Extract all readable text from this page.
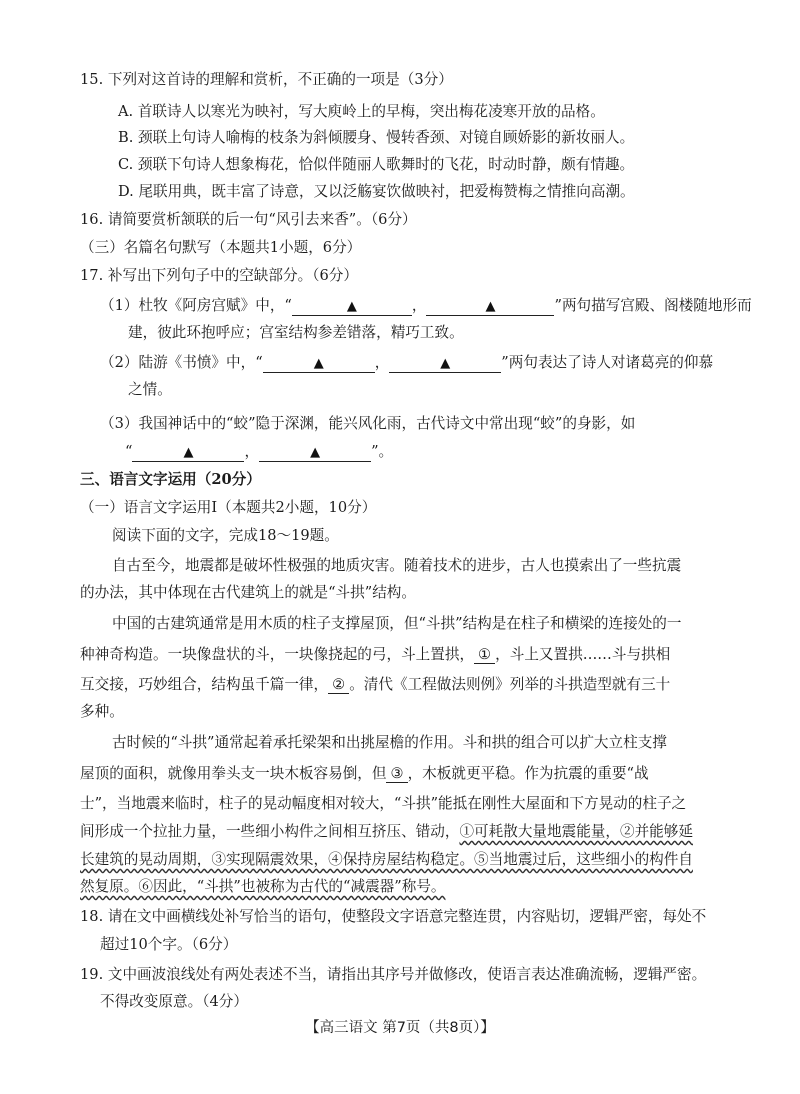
15. 下列对这首诗的理解和赏析，不正确的一项是（3分）
A. 首联诗人以寒光为映衬，写大庾岭上的早梅，突出梅花凌寒开放的品格。
B. 颈联上句诗人喻梅的枝条为斜倾腰身、慢转香颈、对镜自顾娇影的新妆丽人。
C. 颈联下句诗人想象梅花，恰似伴随丽人歌舞时的飞花，时动时静，颇有情趣。
D. 尾联用典，既丰富了诗意，又以泛觞宴饮做映衬，把爱梅赞梅之情推向高潮。
16. 请简要赏析颔联的后一句“风引去来香”。（6分）
（三）名篇名句默写（本题共1小题，6分）
17. 补写出下列句子中的空缺部分。（6分）
（1）杜牧《阿房宫赋》中，“	▲	，	▲	”两句描写宫殿、阁楼随地形而
建，彼此环抱呼应；宫室结构参差错落，精巧工致。
（2）陆游《书愤》中，“	▲	，	▲	”两句表达了诗人对诸葛亮的仰慕
之情。
（3）我国神话中的“蛟”隐于深渊，能兴风化雨，古代诗文中常出现“蛟”的身影，如
“	▲	，	▲	”。
三、语言文字运用（20分）
（一）语言文字运用Ⅰ（本题共2小题，10分）
阅读下面的文字，完成18～19题。
自古至今，地震都是破坏性极强的地质灾害。随着技术的进步，古人也摸索出了一些抗震
的办法，其中体现在古代建筑上的就是“斗拱”结构。
中国的古建筑通常是用木质的柱子支撑屋顶，但“斗拱”结构是在柱子和横梁的连接处的一
种神奇构造。一块像盘状的斗，一块像挠起的弓，斗上置拱， ① ，斗上又置拱……斗与拱相
互交接，巧妙组合，结构虽千篇一律， ② 。清代《工程做法则例》列举的斗拱造型就有三十
多种。
古时候的“斗拱”通常起着承托梁架和出挑屋檐的作用。斗和拱的组合可以扩大立柱支撑
屋顶的面积，就像用拳头支一块木板容易倒，但 ③ ，木板就更平稳。作为抗震的重要“战
士”，当地震来临时，柱子的晃动幅度相对较大，“斗拱”能抵在刚性大屋面和下方晃动的柱子之
间形成一个拉扯力量，一些细小构件之间相互挤压、错动，①可耗散大量地震能量，②并能够延
长建筑的晃动周期，③实现隔震效果，④保持房屋结构稳定。⑤当地震过后，这些细小的构件自
然复原。⑥因此，“斗拱”也被称为古代的“减震器”称号。
18. 请在文中画横线处补写恰当的语句，使整段文字语意完整连贯，内容贴切，逻辑严密，每处不
超过10个字。（6分）
19. 文中画波浪线处有两处表述不当，请指出其序号并做修改，使语言表达准确流畅，逻辑严密。
不得改变原意。（4分）
【高三语文 第7页（共8页）】
